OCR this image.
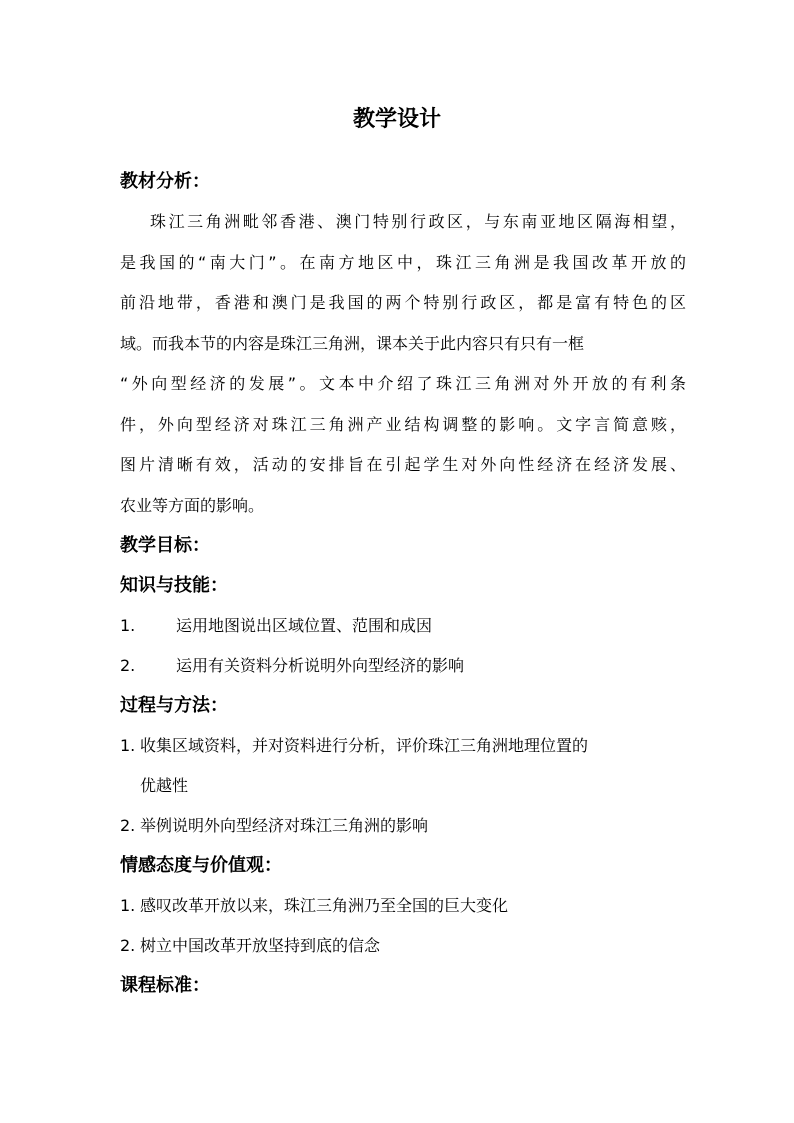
教学设计
教材分析：
珠江三角洲毗邻香港、澳门特别行政区，与东南亚地区隔海相望，
是我国的“南大门”。在南方地区中，珠江三角洲是我国改革开放的
前沿地带，香港和澳门是我国的两个特别行政区，都是富有特色的区
域。而我本节的内容是珠江三角洲，课本关于此内容只有只有一框
“外向型经济的发展”。文本中介绍了珠江三角洲对外开放的有利条
件，外向型经济对珠江三角洲产业结构调整的影响。文字言简意赅，
图片清晰有效，活动的安排旨在引起学生对外向性经济在经济发展、
农业等方面的影响。
教学目标：
知识与技能：
1.	运用地图说出区域位置、范围和成因
2.	运用有关资料分析说明外向型经济的影响
过程与方法：
1. 收集区域资料，并对资料进行分析，评价珠江三角洲地理位置的
优越性
2. 举例说明外向型经济对珠江三角洲的影响
情感态度与价值观：
1. 感叹改革开放以来，珠江三角洲乃至全国的巨大变化
2. 树立中国改革开放坚持到底的信念
课程标准：
